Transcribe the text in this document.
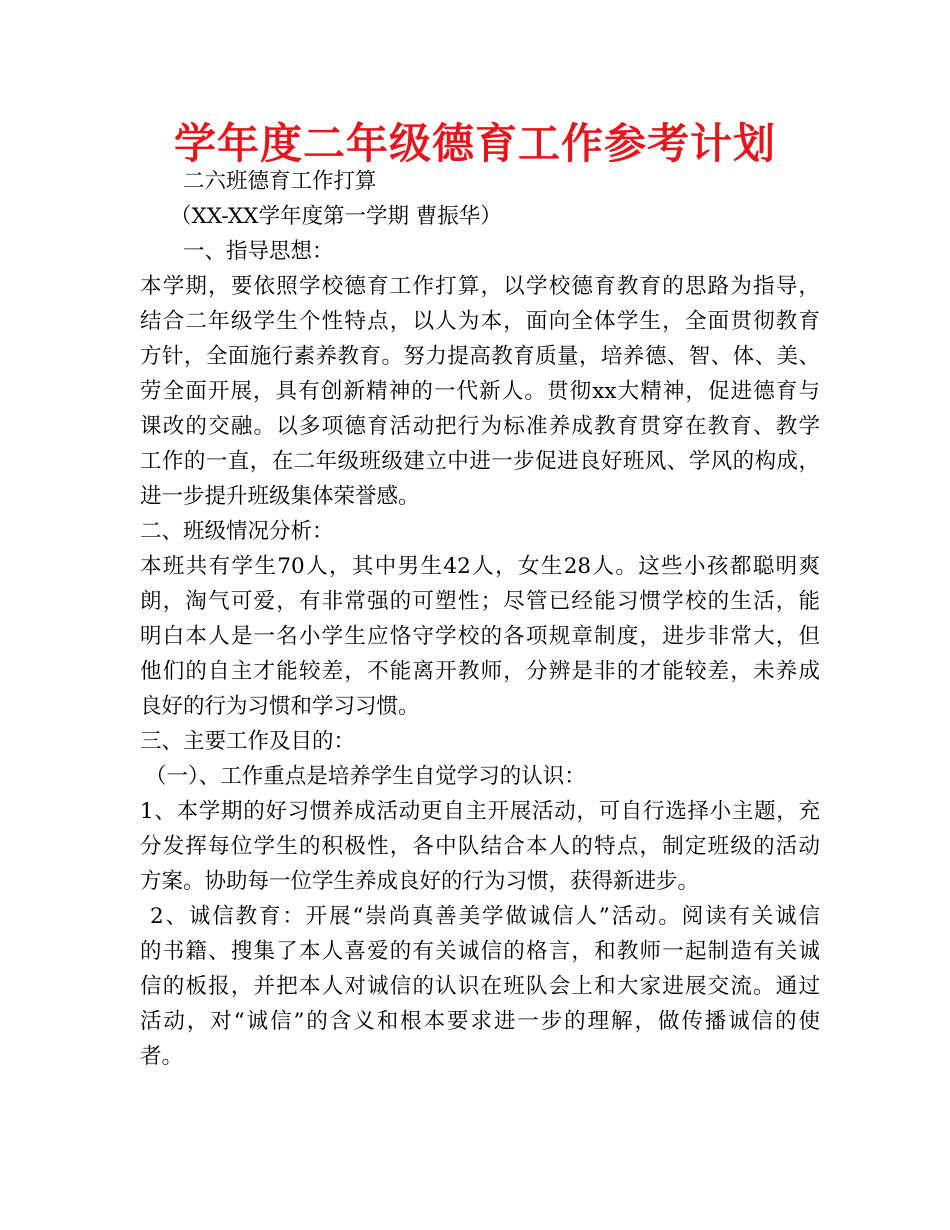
学年度二年级德育工作参考计划

二六班德育工作打算

（XX-XX学年度第一学期 曹振华）

一、指导思想：

本学期，要依照学校德育工作打算，以学校德育教育的思路为指导，

结合二年级学生个性特点，以人为本，面向全体学生，全面贯彻教育

方针，全面施行素养教育。努力提高教育质量，培养德、智、体、美、

劳全面开展，具有创新精神的一代新人。贯彻xx大精神，促进德育与

课改的交融。以多项德育活动把行为标准养成教育贯穿在教育、教学

工作的一直，在二年级班级建立中进一步促进良好班风、学风的构成，

进一步提升班级集体荣誉感。

二、班级情况分析：

本班共有学生70人，其中男生42人，女生28人。这些小孩都聪明爽

朗，淘气可爱，有非常强的可塑性；尽管已经能习惯学校的生活，能

明白本人是一名小学生应恪守学校的各项规章制度，进步非常大，但

他们的自主才能较差，不能离开教师，分辨是非的才能较差，未养成

良好的行为习惯和学习习惯。

三、主要工作及目的：

（一）、工作重点是培养学生自觉学习的认识：

1、本学期的好习惯养成活动更自主开展活动，可自行选择小主题，充

分发挥每位学生的积极性，各中队结合本人的特点，制定班级的活动

方案。协助每一位学生养成良好的行为习惯，获得新进步。

2、诚信教育：开展“崇尚真善美学做诚信人”活动。阅读有关诚信

的书籍、搜集了本人喜爱的有关诚信的格言，和教师一起制造有关诚

信的板报，并把本人对诚信的认识在班队会上和大家进展交流。通过

活动，对“诚信”的含义和根本要求进一步的理解，做传播诚信的使

者。
